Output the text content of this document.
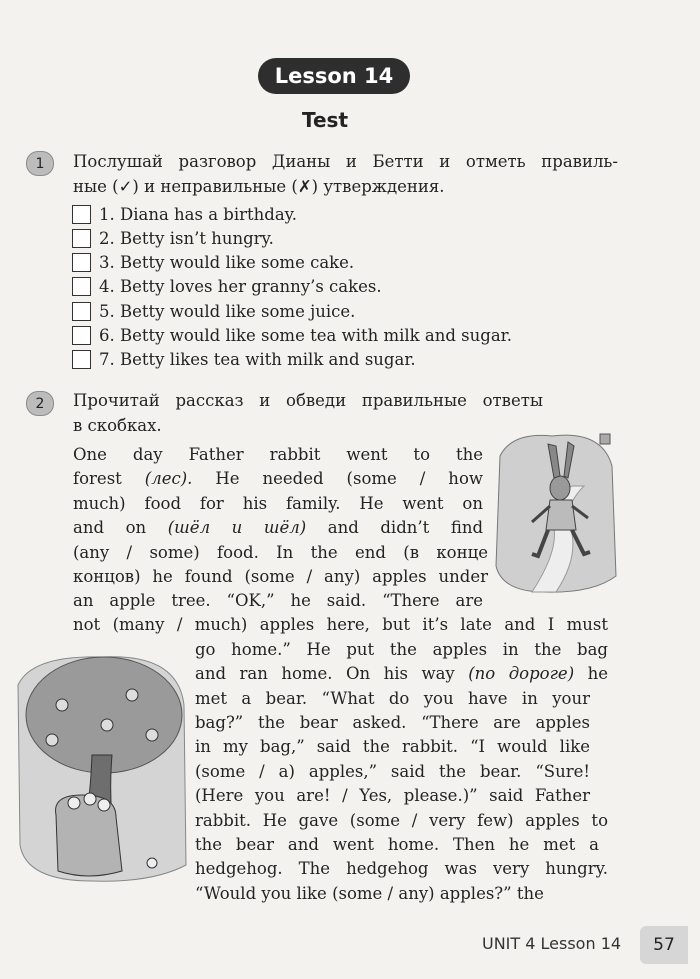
Lesson 14
Test
1	Послушай разговор Дианы и Бетти и отметь правиль-
ные (✓) и неправильные (✗) утверждения.
1. Diana has a birthday.
2. Betty isn’t hungry.
3. Betty would like some cake.
4. Betty loves her granny’s cakes.
5. Betty would like some juice.
6. Betty would like some tea with milk and sugar.
7. Betty likes tea with milk and sugar.
2	Прочитай рассказ и обведи правильные ответы
в скобках.
One day Father rabbit went to the
forest (лес). He needed (some / how
much) food for his family. He went on
and on (шёл и шёл) and didn’t find
(any / some) food. In the end (в конце
концов) he found (some / any) apples under
an apple tree. “OK,” he said. “There are
not (many / much) apples here, but it’s late and I must
go home.” He put the apples in the bag
and ran home. On his way (по дороге) he
met a bear. “What do you have in your
bag?” the bear asked. “There are apples
in my bag,” said the rabbit. “I would like
(some / a) apples,” said the bear. “Sure!
(Here you are! / Yes, please.)” said Father
rabbit. He gave (some / very few) apples to
the bear and went home. Then he met a
hedgehog. The hedgehog was very hungry.
“Would you like (some / any) apples?” the
UNIT 4 Lesson 14	57
